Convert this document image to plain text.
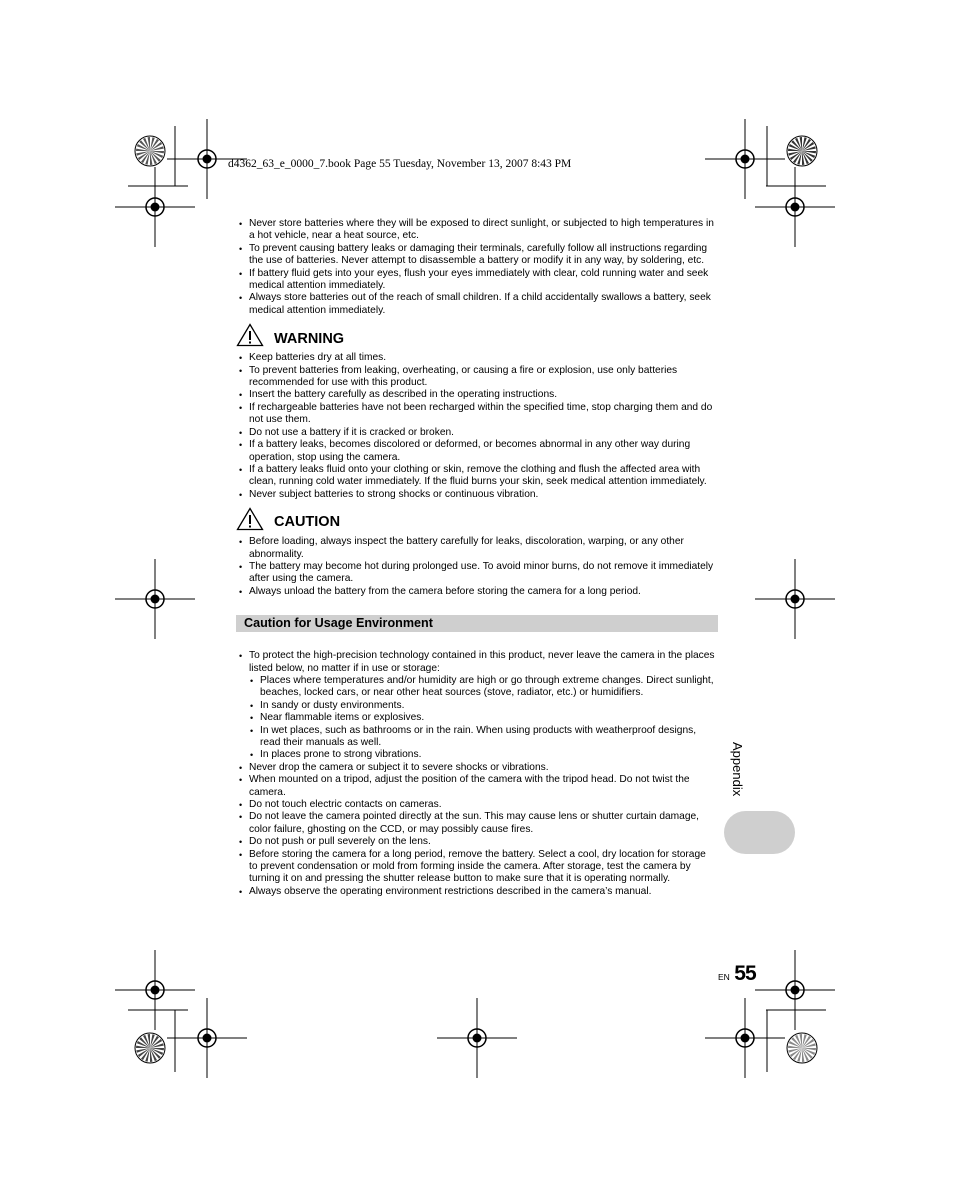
d4362_63_e_0000_7.book Page 55 Tuesday, November 13, 2007 8:43 PM
• Never store batteries where they will be exposed to direct sunlight, or subjected to high temperatures in a hot vehicle, near a heat source, etc.
• To prevent causing battery leaks or damaging their terminals, carefully follow all instructions regarding the use of batteries. Never attempt to disassemble a battery or modify it in any way, by soldering, etc.
• If battery fluid gets into your eyes, flush your eyes immediately with clear, cold running water and seek medical attention immediately.
• Always store batteries out of the reach of small children. If a child accidentally swallows a battery, seek medical attention immediately.
WARNING
• Keep batteries dry at all times.
• To prevent batteries from leaking, overheating, or causing a fire or explosion, use only batteries recommended for use with this product.
• Insert the battery carefully as described in the operating instructions.
• If rechargeable batteries have not been recharged within the specified time, stop charging them and do not use them.
• Do not use a battery if it is cracked or broken.
• If a battery leaks, becomes discolored or deformed, or becomes abnormal in any other way during operation, stop using the camera.
• If a battery leaks fluid onto your clothing or skin, remove the clothing and flush the affected area with clean, running cold water immediately. If the fluid burns your skin, seek medical attention immediately.
• Never subject batteries to strong shocks or continuous vibration.
CAUTION
• Before loading, always inspect the battery carefully for leaks, discoloration, warping, or any other abnormality.
• The battery may become hot during prolonged use. To avoid minor burns, do not remove it immediately after using the camera.
• Always unload the battery from the camera before storing the camera for a long period.
Caution for Usage Environment
• To protect the high-precision technology contained in this product, never leave the camera in the places listed below, no matter if in use or storage:
• Places where temperatures and/or humidity are high or go through extreme changes. Direct sunlight, beaches, locked cars, or near other heat sources (stove, radiator, etc.) or humidifiers.
• In sandy or dusty environments.
• Near flammable items or explosives.
• In wet places, such as bathrooms or in the rain. When using products with weatherproof designs, read their manuals as well.
• In places prone to strong vibrations.
• Never drop the camera or subject it to severe shocks or vibrations.
• When mounted on a tripod, adjust the position of the camera with the tripod head. Do not twist the camera.
• Do not touch electric contacts on cameras.
• Do not leave the camera pointed directly at the sun. This may cause lens or shutter curtain damage, color failure, ghosting on the CCD, or may possibly cause fires.
• Do not push or pull severely on the lens.
• Before storing the camera for a long period, remove the battery. Select a cool, dry location for storage to prevent condensation or mold from forming inside the camera. After storage, test the camera by turning it on and pressing the shutter release button to make sure that it is operating normally.
• Always observe the operating environment restrictions described in the camera’s manual.
Appendix
EN 55
